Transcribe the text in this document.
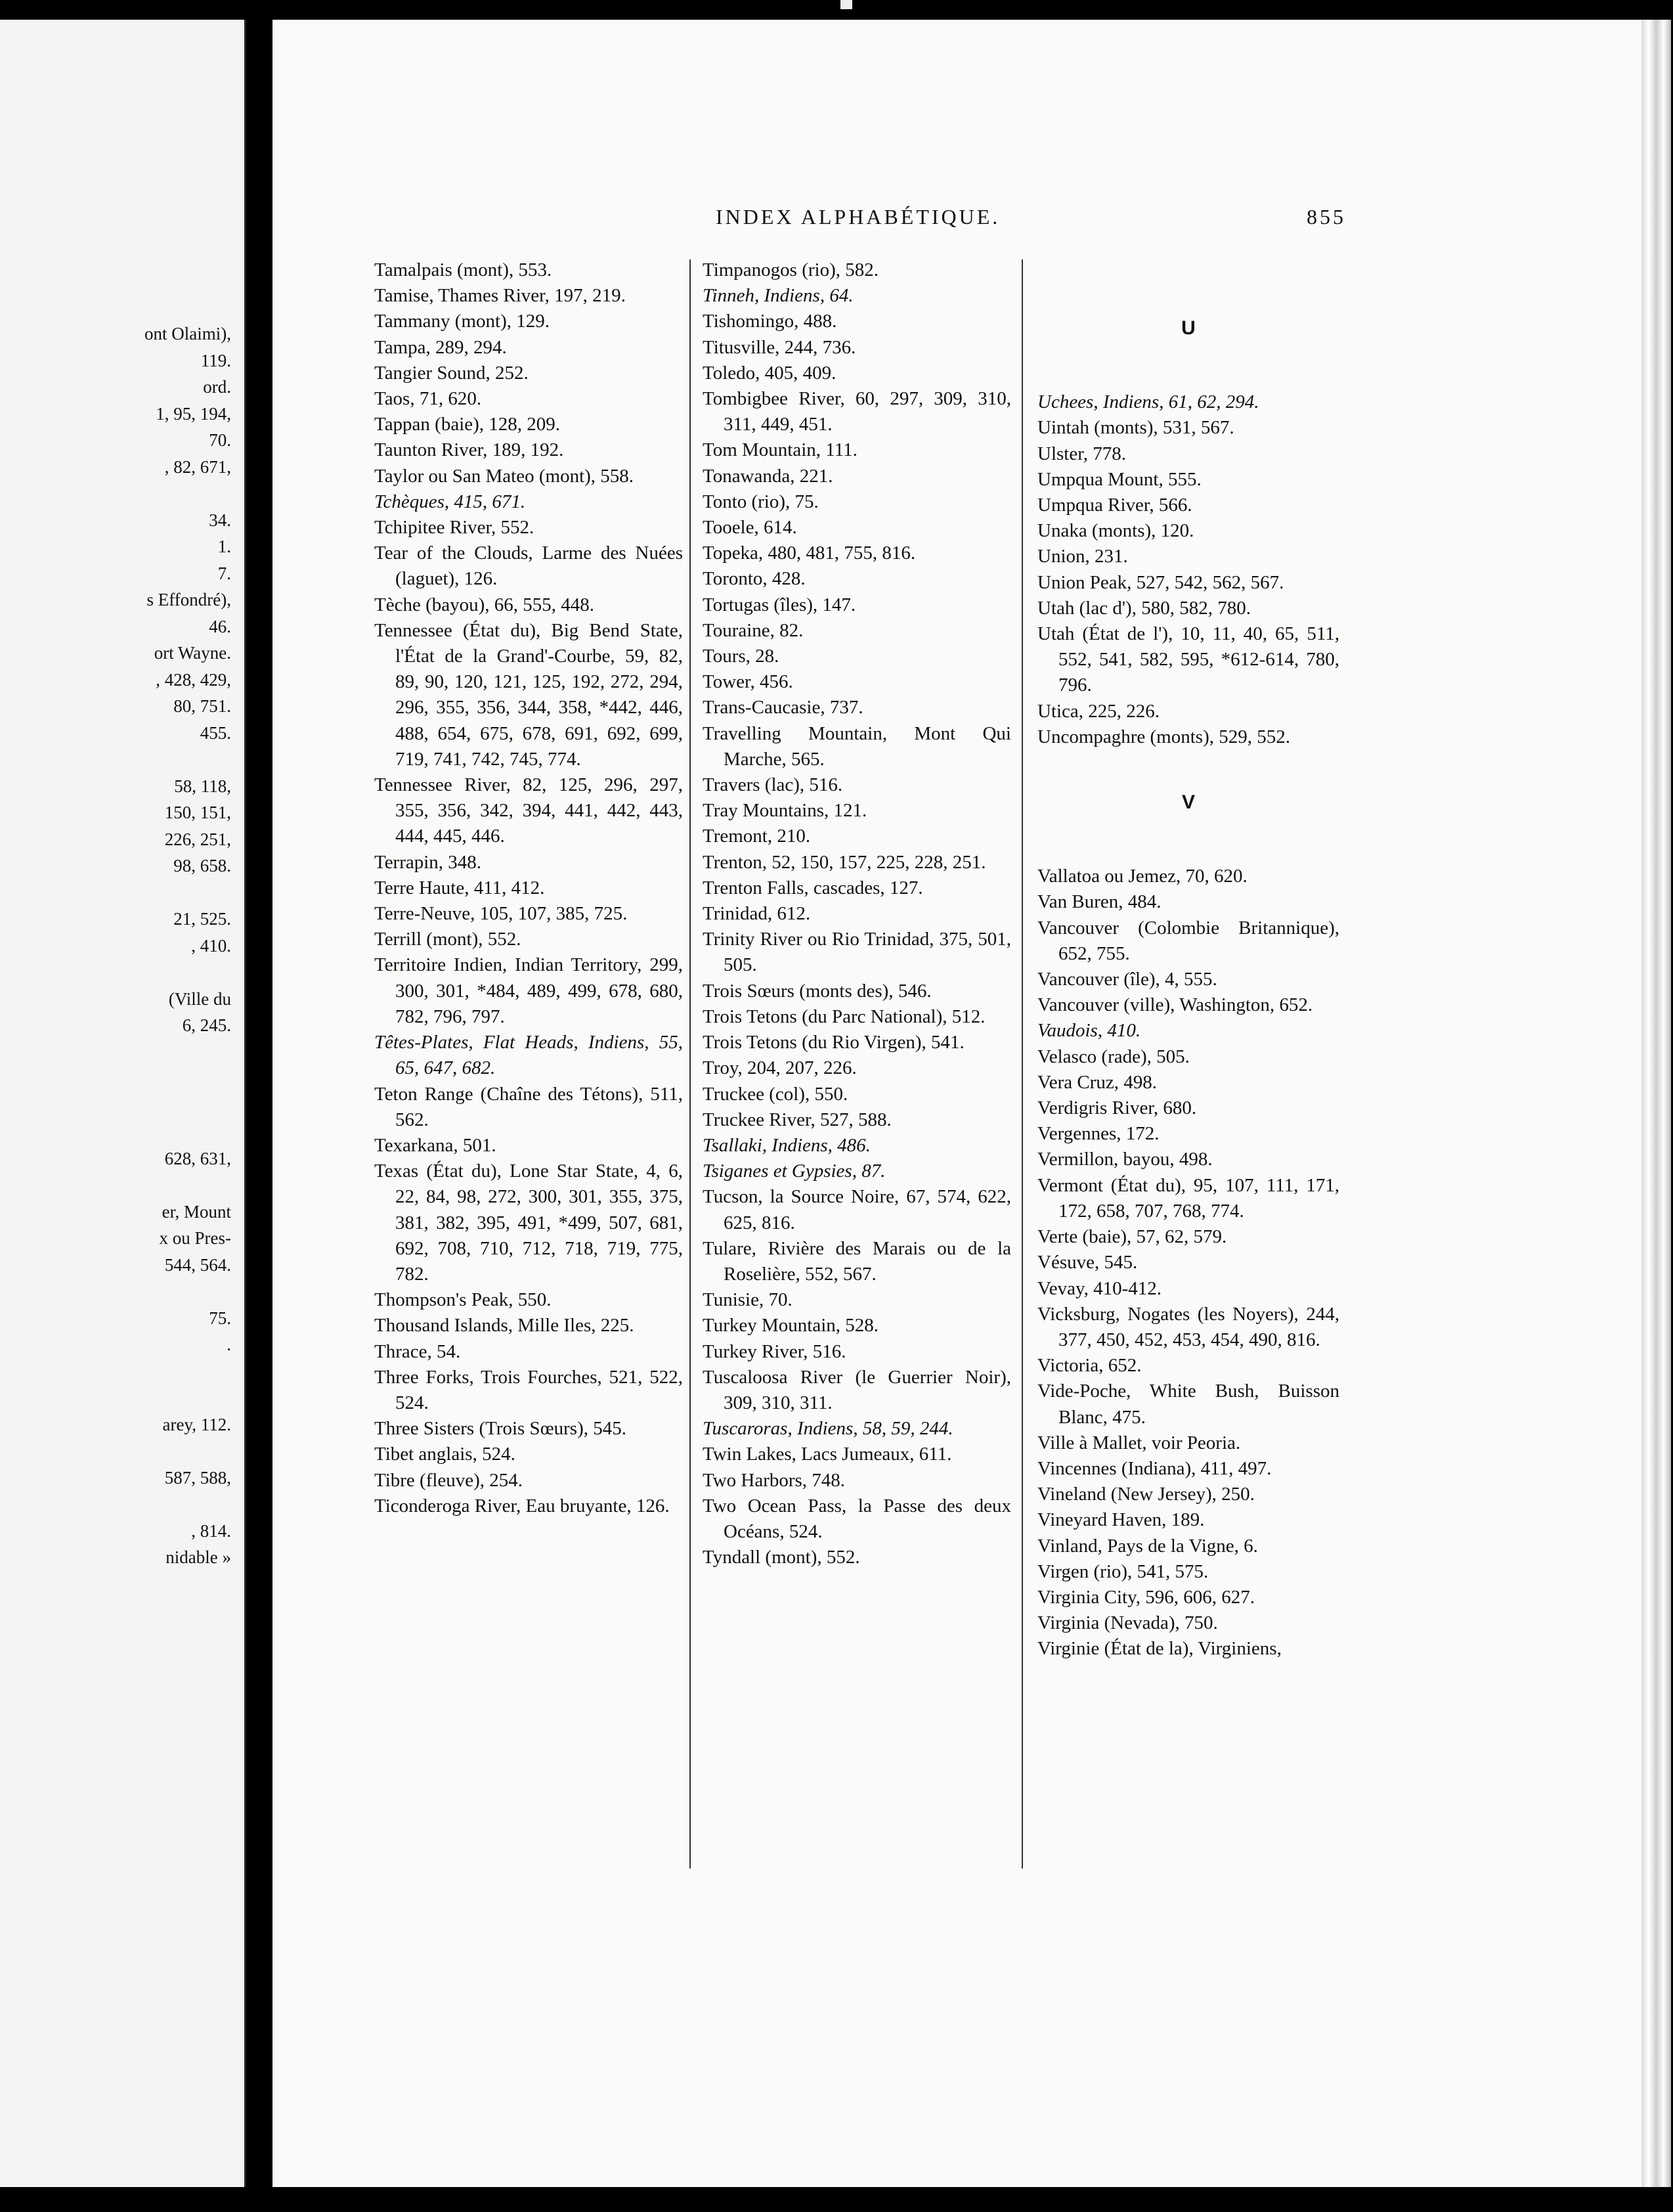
ont Olaimi),
119.
ord.
1, 95, 194,
70.
, 82, 671,
34.
1.
7.
s Effondré),
46.
ort Wayne.
, 428, 429,
80, 751.
455.
58, 118,
150, 151,
226, 251,
98, 658.
21, 525.
, 410.
(Ville du
6, 245.
628, 631,
er, Mount
x ou Pres-
544, 564.
75.
.
arey, 112.
587, 588,
, 814.
nidable »
INDEX ALPHABÉTIQUE.	855
Tamalpais (mont), 553.
Tamise, Thames River, 197, 219.
Tammany (mont), 129.
Tampa, 289, 294.
Tangier Sound, 252.
Taos, 71, 620.
Tappan (baie), 128, 209.
Taunton River, 189, 192.
Taylor ou San Mateo (mont), 558.
Tchèques, 415, 671.
Tchipitee River, 552.
Tear of the Clouds, Larme des Nuées (laguet), 126.
Tèche (bayou), 66, 555, 448.
Tennessee (État du), Big Bend State, l'État de la Grand'-Courbe, 59, 82, 89, 90, 120, 121, 125, 192, 272, 294, 296, 355, 356, 344, 358, *442, 446, 488, 654, 675, 678, 691, 692, 699, 719, 741, 742, 745, 774.
Tennessee River, 82, 125, 296, 297, 355, 356, 342, 394, 441, 442, 443, 444, 445, 446.
Terrapin, 348.
Terre Haute, 411, 412.
Terre-Neuve, 105, 107, 385, 725.
Terrill (mont), 552.
Territoire Indien, Indian Territory, 299, 300, 301, *484, 489, 499, 678, 680, 782, 796, 797.
Têtes-Plates, Flat Heads, Indiens, 55, 65, 647, 682.
Teton Range (Chaîne des Tétons), 511, 562.
Texarkana, 501.
Texas (État du), Lone Star State, 4, 6, 22, 84, 98, 272, 300, 301, 355, 375, 381, 382, 395, 491, *499, 507, 681, 692, 708, 710, 712, 718, 719, 775, 782.
Thompson's Peak, 550.
Thousand Islands, Mille Iles, 225.
Thrace, 54.
Three Forks, Trois Fourches, 521, 522, 524.
Three Sisters (Trois Sœurs), 545.
Tibet anglais, 524.
Tibre (fleuve), 254.
Ticonderoga River, Eau bruyante, 126.
Timpanogos (rio), 582.
Tinneh, Indiens, 64.
Tishomingo, 488.
Titusville, 244, 736.
Toledo, 405, 409.
Tombigbee River, 60, 297, 309, 310, 311, 449, 451.
Tom Mountain, 111.
Tonawanda, 221.
Tonto (rio), 75.
Tooele, 614.
Topeka, 480, 481, 755, 816.
Toronto, 428.
Tortugas (îles), 147.
Touraine, 82.
Tours, 28.
Tower, 456.
Trans-Caucasie, 737.
Travelling Mountain, Mont Qui Marche, 565.
Travers (lac), 516.
Tray Mountains, 121.
Tremont, 210.
Trenton, 52, 150, 157, 225, 228, 251.
Trenton Falls, cascades, 127.
Trinidad, 612.
Trinity River ou Rio Trinidad, 375, 501, 505.
Trois Sœurs (monts des), 546.
Trois Tetons (du Parc National), 512.
Trois Tetons (du Rio Virgen), 541.
Troy, 204, 207, 226.
Truckee (col), 550.
Truckee River, 527, 588.
Tsallaki, Indiens, 486.
Tsiganes et Gypsies, 87.
Tucson, la Source Noire, 67, 574, 622, 625, 816.
Tulare, Rivière des Marais ou de la Roselière, 552, 567.
Tunisie, 70.
Turkey Mountain, 528.
Turkey River, 516.
Tuscaloosa River (le Guerrier Noir), 309, 310, 311.
Tuscaroras, Indiens, 58, 59, 244.
Twin Lakes, Lacs Jumeaux, 611.
Two Harbors, 748.
Two Ocean Pass, la Passe des deux Océans, 524.
Tyndall (mont), 552.
U
Uchees, Indiens, 61, 62, 294.
Uintah (monts), 531, 567.
Ulster, 778.
Umpqua Mount, 555.
Umpqua River, 566.
Unaka (monts), 120.
Union, 231.
Union Peak, 527, 542, 562, 567.
Utah (lac d'), 580, 582, 780.
Utah (État de l'), 10, 11, 40, 65, 511, 552, 541, 582, 595, *612-614, 780, 796.
Utica, 225, 226.
Uncompaghre (monts), 529, 552.
V
Vallatoa ou Jemez, 70, 620.
Van Buren, 484.
Vancouver (Colombie Britannique), 652, 755.
Vancouver (île), 4, 555.
Vancouver (ville), Washington, 652.
Vaudois, 410.
Velasco (rade), 505.
Vera Cruz, 498.
Verdigris River, 680.
Vergennes, 172.
Vermillon, bayou, 498.
Vermont (État du), 95, 107, 111, 171, 172, 658, 707, 768, 774.
Verte (baie), 57, 62, 579.
Vésuve, 545.
Vevay, 410-412.
Vicksburg, Nogates (les Noyers), 244, 377, 450, 452, 453, 454, 490, 816.
Victoria, 652.
Vide-Poche, White Bush, Buisson Blanc, 475.
Ville à Mallet, voir Peoria.
Vincennes (Indiana), 411, 497.
Vineland (New Jersey), 250.
Vineyard Haven, 189.
Vinland, Pays de la Vigne, 6.
Virgen (rio), 541, 575.
Virginia City, 596, 606, 627.
Virginia (Nevada), 750.
Virginie (État de la), Virginiens,
